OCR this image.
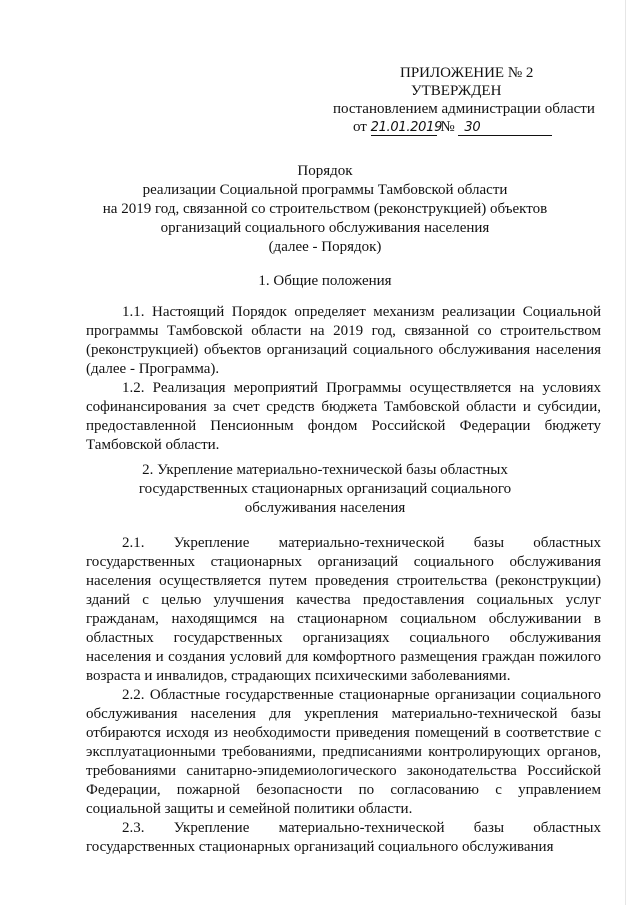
ПРИЛОЖЕНИЕ № 2
УТВЕРЖДЕН
постановлением администрации области
от 21.01.2019 № 30
Порядок
реализации Социальной программы Тамбовской области
на 2019 год, связанной со строительством (реконструкцией) объектов
организаций социального обслуживания населения
(далее - Порядок)
1. Общие положения

1.1. Настоящий Порядок определяет механизм реализации Социальной программы Тамбовской области на 2019 год, связанной со строительством (реконструкцией) объектов организаций социального обслуживания населения (далее - Программа).

1.2. Реализация мероприятий Программы осуществляется на условиях софинансирования за счет средств бюджета Тамбовской области и субсидии, предоставленной Пенсионным фондом Российской Федерации бюджету Тамбовской области.

2. Укрепление материально-технической базы областных
государственных стационарных организаций социального
обслуживания населения

2.1. Укрепление материально-технической базы областных государственных стационарных организаций социального обслуживания населения осуществляется путем проведения строительства (реконструкции) зданий с целью улучшения качества предоставления социальных услуг гражданам, находящимся на стационарном социальном обслуживании в областных государственных организациях социального обслуживания населения и создания условий для комфортного размещения граждан пожилого возраста и инвалидов, страдающих психическими заболеваниями.

2.2. Областные государственные стационарные организации социального обслуживания населения для укрепления материально-технической базы отбираются исходя из необходимости приведения помещений в соответствие с эксплуатационными требованиями, предписаниями контролирующих органов, требованиями санитарно-эпидемиологического законодательства Российской Федерации, пожарной безопасности по согласованию с управлением социальной защиты и семейной политики области.

2.3. Укрепление материально-технической базы областных государственных стационарных организаций социального обслуживания
